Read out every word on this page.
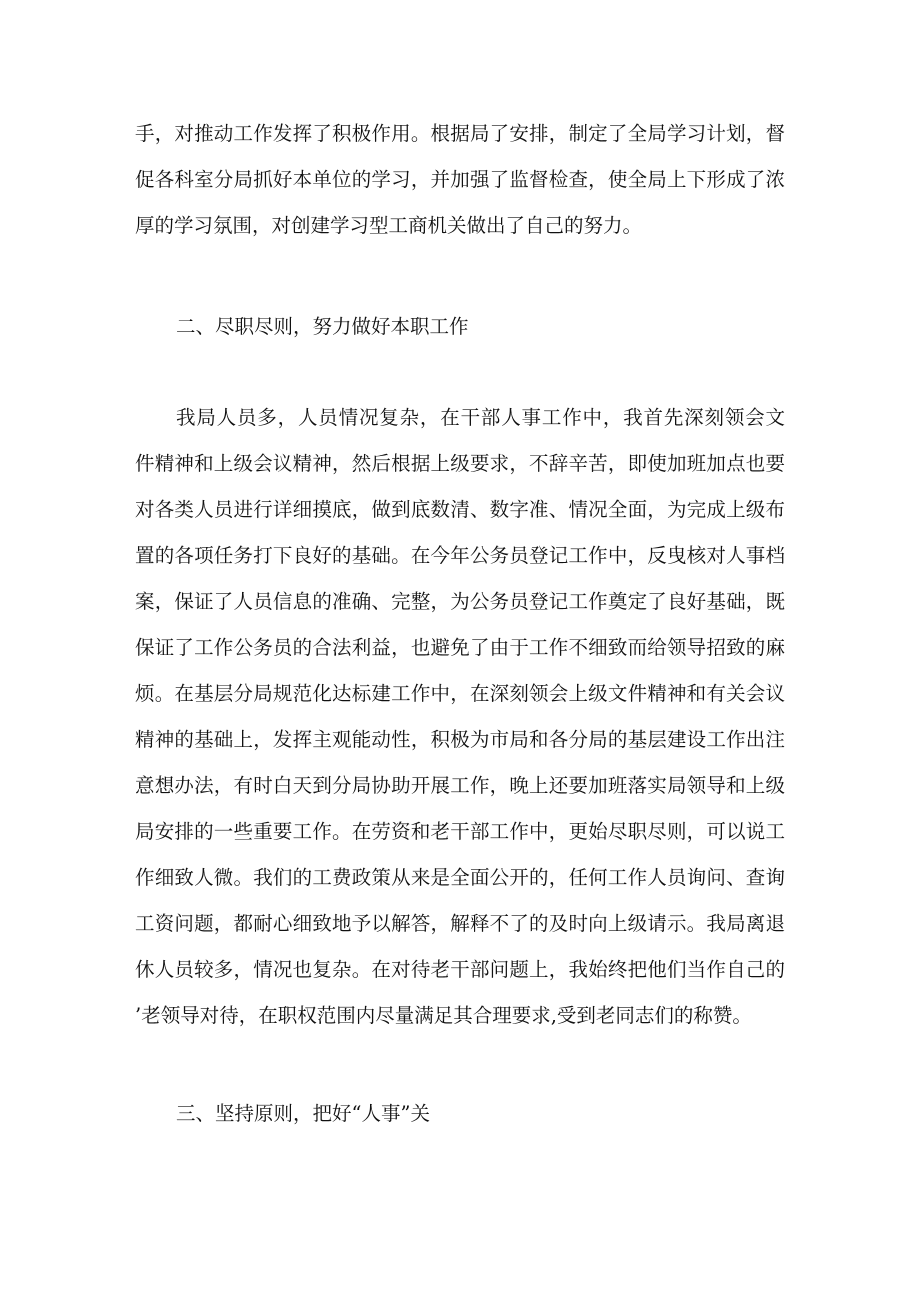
手，对推动工作发挥了积极作用。根据局了安排，制定了全局学习计划，督

促各科室分局抓好本单位的学习，并加强了监督检查，使全局上下形成了浓

厚的学习氛围，对创建学习型工商机关做出了自己的努力。

二、尽职尽则，努力做好本职工作

我局人员多，人员情况复杂，在干部人事工作中，我首先深刻领会文

件精神和上级会议精神，然后根据上级要求，不辞辛苦，即使加班加点也要

对各类人员进行详细摸底，做到底数清、数字准、情况全面，为完成上级布

置的各项任务打下良好的基础。在今年公务员登记工作中，反曳核对人事档

案，保证了人员信息的准确、完整，为公务员登记工作奠定了良好基础，既

保证了工作公务员的合法利益，也避免了由于工作不细致而给领导招致的麻

烦。在基层分局规范化达标建工作中，在深刻领会上级文件精神和有关会议

精神的基础上，发挥主观能动性，积极为市局和各分局的基层建设工作出注

意想办法，有时白天到分局协助开展工作，晚上还要加班落实局领导和上级

局安排的一些重要工作。在劳资和老干部工作中，更始尽职尽则，可以说工

作细致人微。我们的工费政策从来是全面公开的，任何工作人员询问、查询

工资问题，都耐心细致地予以解答，解释不了的及时向上级请示。我局离退

休人员较多，情况也复杂。在对待老干部问题上，我始终把他们当作自己的

’老领导对待，在职权范围内尽量满足其合理要求,受到老同志们的称赞。

三、坚持原则，把好“人事”关
